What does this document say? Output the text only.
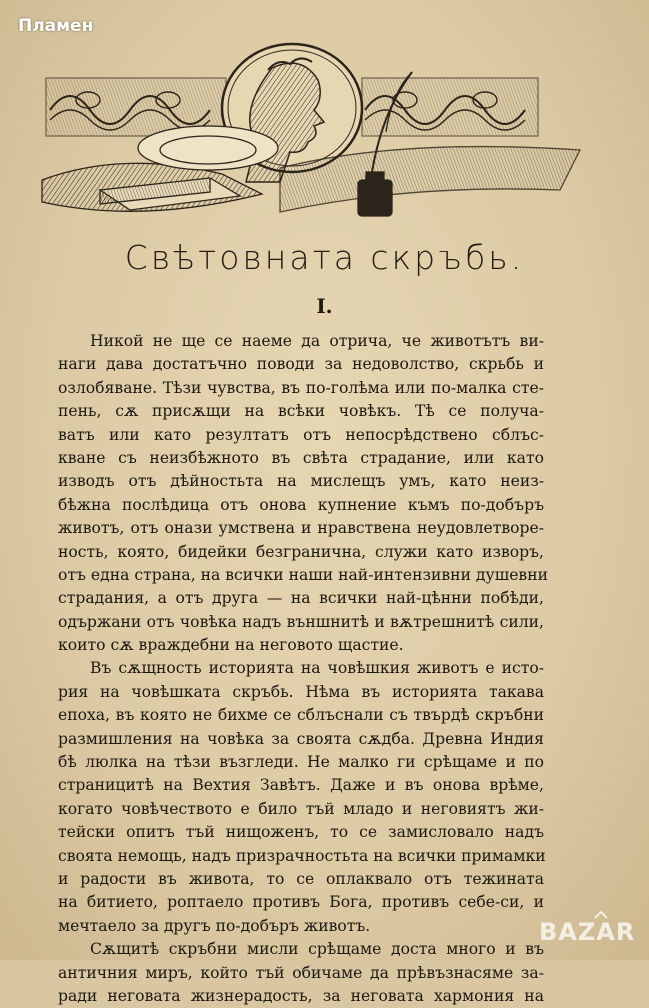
Пламен
Свѣтовната скръбь.
I.
Никой не ще се наеме да отрича, че животътъ ви-
наги дава достатъчно поводи за недоволство, скрьбь и
озлобяване. Тѣзи чувства, въ по-голѣма или по-малка сте-
пень, сѫ присѫщи на всѣки човѣкъ. Тѣ се получа-
ватъ или като резултатъ отъ непосрѣдствено сблъс-
кване съ неизбѣжното въ свѣта страдание, или като
изводъ отъ дѣйностьта на мислещъ умъ, като неиз-
бѣжна послѣдица отъ онова купнение къмъ по-добъръ
животъ, отъ онази умствена и нравствена неудовлетворе-
ность, която, бидейки безгранична, служи като изворъ,
отъ една страна, на всички наши най-интензивни душевни
страдания, а отъ друга — на всички най-цѣнни побѣди,
одържани отъ човѣка надъ външнитѣ и вѫтрешнитѣ сили,
които сѫ враждебни на неговото щастие.
Въ сѫщность историята на човѣшкия животъ е исто-
рия на човѣшката скръбь. Нѣма въ историята такава
епоха, въ която не бихме се сблъснали съ твърдѣ скръбни
размишления на човѣка за своята сѫдба. Древна Индия
бѣ люлка на тѣзи възгледи. Не малко ги срѣщаме и по
страницитѣ на Вехтия Завѣтъ. Даже и въ онова врѣме,
когато човѣчеството е било тъй младо и неговиятъ жи-
тейски опитъ тъй нищоженъ, то се замисловало надъ
своята немощь, надъ призрачностьта на всички примамки
и радости въ живота, то се оплаквало отъ тежината
на битието, роптаело противъ Бога, противъ себе-си, и
мечтаело за другъ по-добъръ животъ.
Сѫщитѣ скръбни мисли срѣщаме доста много и въ
античния миръ, който тъй обичаме да прѣвъзнасяме за-
ради неговата жизнерадость, за неговата хармония на
BAZAR
